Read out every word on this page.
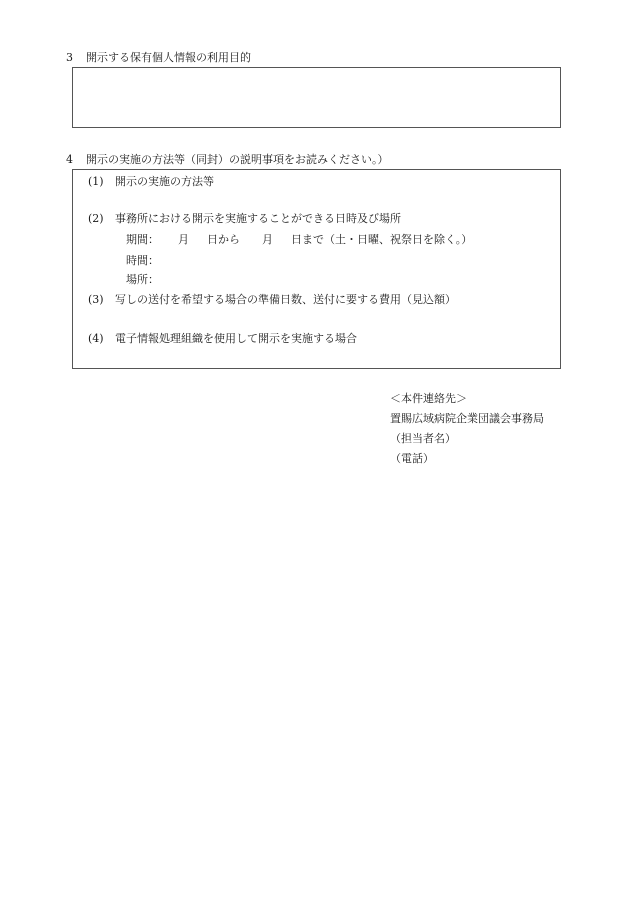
3 開示する保有個人情報の利用目的
4 開示の実施の方法等（同封）の説明事項をお読みください。）
(1) 開示の実施の方法等
(2) 事務所における開示を実施することができる日時及び場所
期間： 月 日から 月 日まで（土・日曜、祝祭日を除く。）
時間：
場所：
(3) 写しの送付を希望する場合の準備日数、送付に要する費用（見込額）
(4) 電子情報処理組織を使用して開示を実施する場合
＜本件連絡先＞
置賜広域病院企業団議会事務局
（担当者名）
（電話）
